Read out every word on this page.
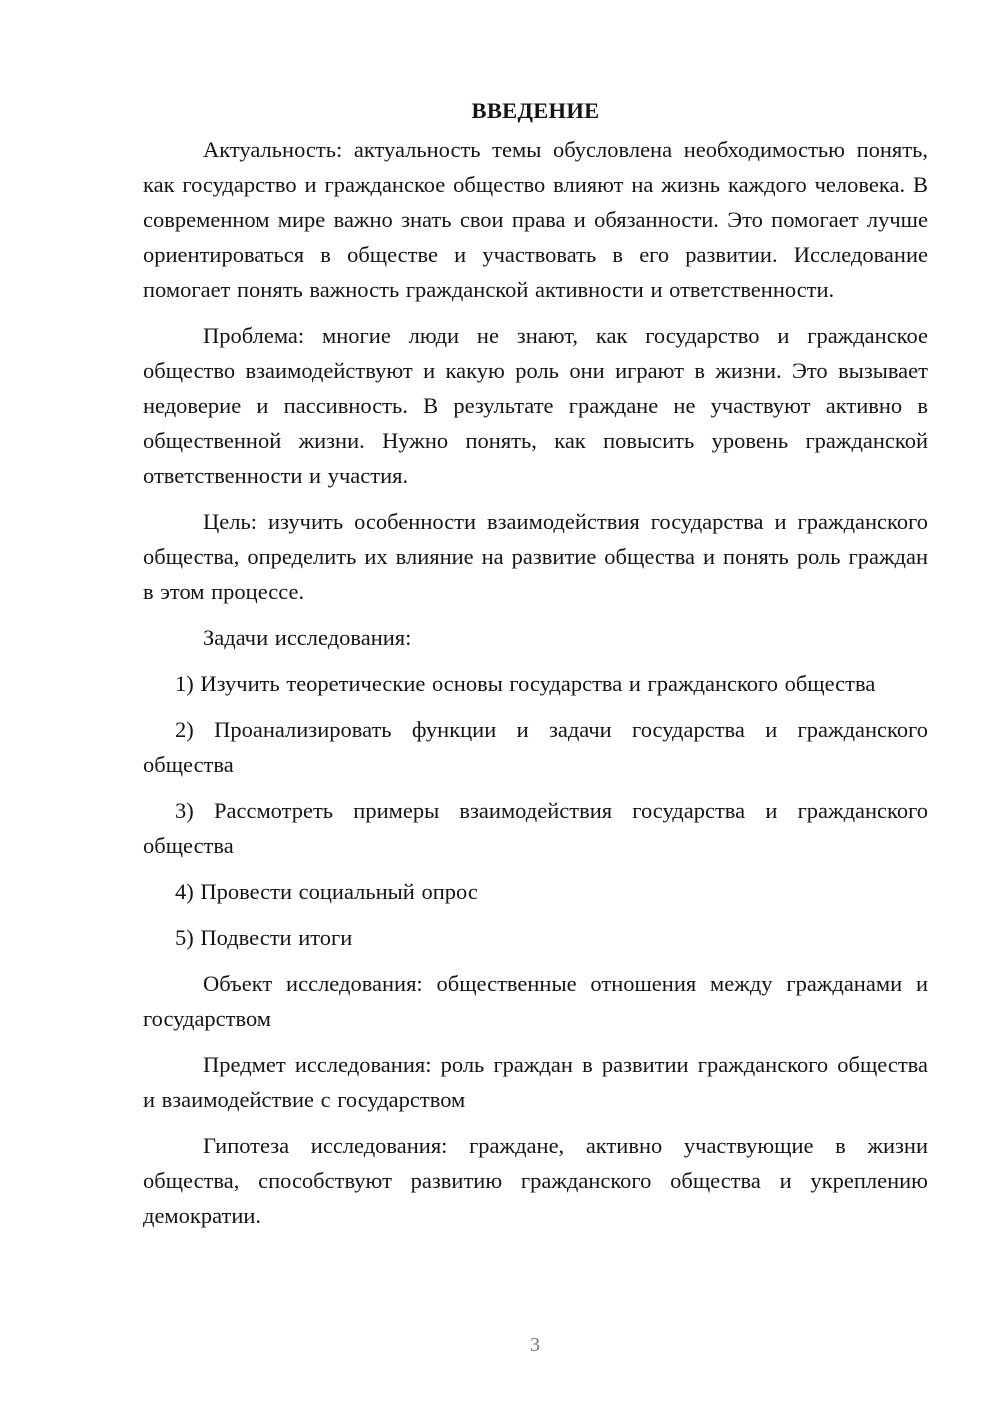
ВВЕДЕНИЕ

Актуальность: актуальность темы обусловлена необходимостью понять, как государство и гражданское общество влияют на жизнь каждого человека. В современном мире важно знать свои права и обязанности. Это помогает лучше ориентироваться в обществе и участвовать в его развитии. Исследование помогает понять важность гражданской активности и ответственности.

Проблема: многие люди не знают, как государство и гражданское общество взаимодействуют и какую роль они играют в жизни. Это вызывает недоверие и пассивность. В результате граждане не участвуют активно в общественной жизни. Нужно понять, как повысить уровень гражданской ответственности и участия.

Цель: изучить особенности взаимодействия государства и гражданского общества, определить их влияние на развитие общества и понять роль граждан в этом процессе.

Задачи исследования:

1) Изучить теоретические основы государства и гражданского общества

2) Проанализировать функции и задачи государства и гражданского общества

3) Рассмотреть примеры взаимодействия государства и гражданского общества

4) Провести социальный опрос

5) Подвести итоги

Объект исследования: общественные отношения между гражданами и государством

Предмет исследования: роль граждан в развитии гражданского общества и взаимодействие с государством

Гипотеза исследования: граждане, активно участвующие в жизни общества, способствуют развитию гражданского общества и укреплению демократии.

3
